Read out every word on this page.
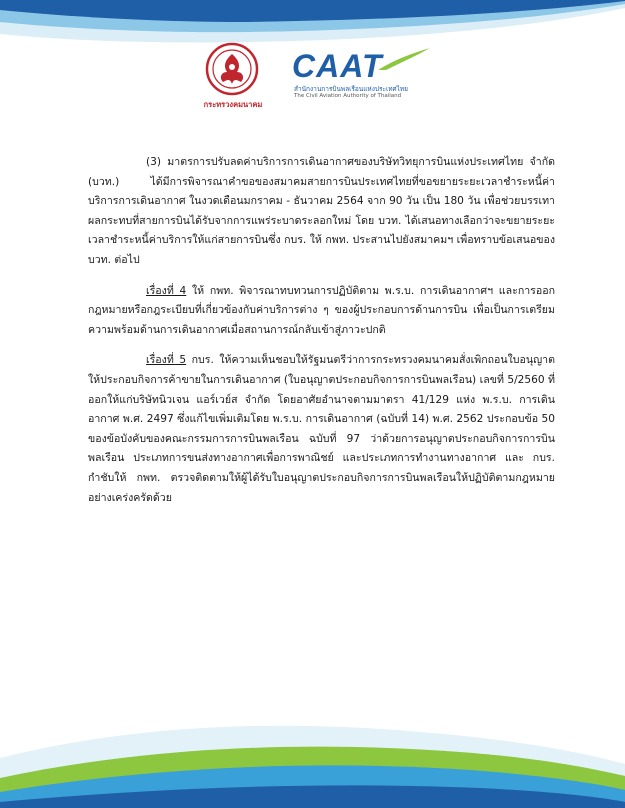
กระทรวงคมนาคม
CAAT
สำนักงานการบินพลเรือนแห่งประเทศไทย
The Civil Aviation Authority of Thailand

(3) มาตรการปรับลดค่าบริการการเดินอากาศของบริษัทวิทยุการบินแห่งประเทศไทย จำกัด (บวท.) ได้มีการพิจารณาคำขอของสมาคมสายการบินประเทศไทยที่ขอขยายระยะเวลาชำระหนี้ค่าบริการการเดินอากาศ ในงวดเดือนมกราคม - ธันวาคม 2564 จาก 90 วัน เป็น 180 วัน เพื่อช่วยบรรเทาผลกระทบที่สายการบินได้รับจากการแพร่ระบาดระลอกใหม่ โดย บวท. ได้เสนอทางเลือกว่าจะขยายระยะเวลาชำระหนี้ค่าบริการให้แก่สายการบินซึ่ง กบร. ให้ กพท. ประสานไปยังสมาคมฯ เพื่อทราบข้อเสนอของ บวท. ต่อไป

เรื่องที่ 4 ให้ กพท. พิจารณาทบทวนการปฏิบัติตาม พ.ร.บ. การเดินอากาศฯ และการออกกฎหมายหรือกฎระเบียบที่เกี่ยวข้องกับค่าบริการต่าง ๆ ของผู้ประกอบการด้านการบิน เพื่อเป็นการเตรียมความพร้อมด้านการเดินอากาศเมื่อสถานการณ์กลับเข้าสู่ภาวะปกติ

เรื่องที่ 5 กบร. ให้ความเห็นชอบให้รัฐมนตรีว่าการกระทรวงคมนาคมสั่งเพิกถอนใบอนุญาตให้ประกอบกิจการค้าขายในการเดินอากาศ (ใบอนุญาตประกอบกิจการการบินพลเรือน) เลขที่ 5/2560 ที่ออกให้แก่บริษัทนิวเจน แอร์เวย์ส จำกัด โดยอาศัยอำนาจตามมาตรา 41/129 แห่ง พ.ร.บ. การเดินอากาศ พ.ศ. 2497 ซึ่งแก้ไขเพิ่มเติมโดย พ.ร.บ. การเดินอากาศ (ฉบับที่ 14) พ.ศ. 2562 ประกอบข้อ 50 ของข้อบังคับของคณะกรรมการการบินพลเรือน ฉบับที่ 97 ว่าด้วยการอนุญาตประกอบกิจการการบินพลเรือน ประเภทการขนส่งทางอากาศเพื่อการพาณิชย์ และประเภทการทำงานทางอากาศ และ กบร. กำชับให้ กพท. ตรวจติดตามให้ผู้ได้รับใบอนุญาตประกอบกิจการการบินพลเรือนให้ปฏิบัติตามกฎหมายอย่างเคร่งครัดด้วย
